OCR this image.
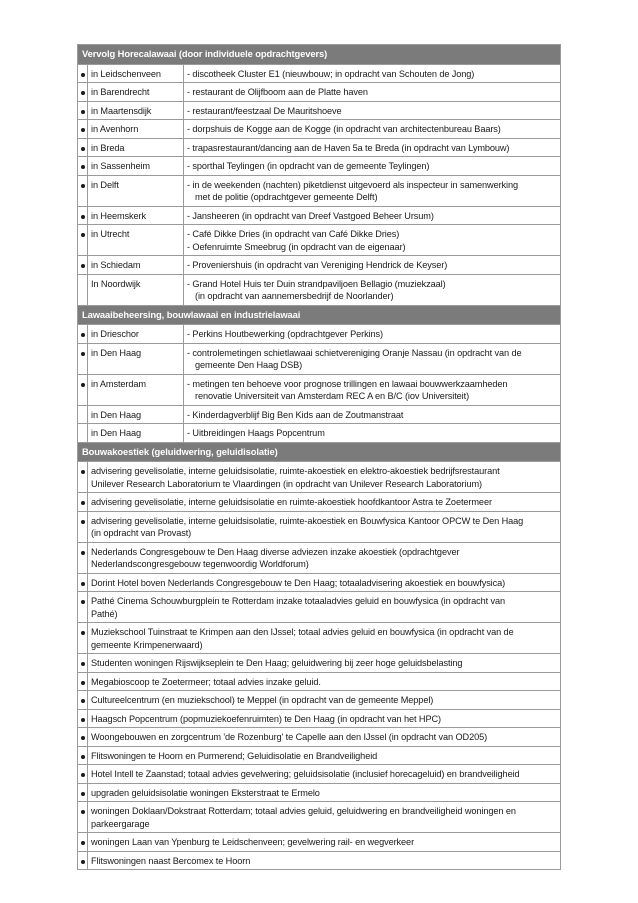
Vervolg Horecalawaai (door individuele opdrachtgevers)		
	in Leidschenveen	- discotheek Cluster E1 (nieuwbouw; in opdracht van Schouten de Jong)

	in Barendrecht	- restaurant de Olijfboom aan de Platte haven

	in Maartensdijk	- restaurant/feestzaal De Mauritshoeve

	in Avenhorn	- dorpshuis de Kogge aan de Kogge (in opdracht van architectenbureau Baars)

	in Breda	- trapasrestaurant/dancing aan de Haven 5a te Breda (in opdracht van Lymbouw)

	in Sassenheim	- sporthal Teylingen (in opdracht van de gemeente Teylingen)

	in Delft	- in de weekenden (nachten) piketdienst uitgevoerd als inspecteur in samenwerking
met de politie (opdrachtgever gemeente Delft)

	in Heemskerk	- Jansheeren (in opdracht van Dreef Vastgoed Beheer Ursum)

	in Utrecht	- Café Dikke Dries (in opdracht van Café Dikke Dries)
- Oefenruimte Smeebrug (in opdracht van de eigenaar)

	in Schiedam	- Proveniershuis (in opdracht van Vereniging Hendrick de Keyser)

	In Noordwijk	- Grand Hotel Huis ter Duin strandpaviljoen Bellagio (muziekzaal)
(in opdracht van aannemersbedrijf de Noorlander)

Lawaaibeheersing, bouwlawaai en industrielawaai		
	in Drieschor	- Perkins Houtbewerking (opdrachtgever Perkins)

	in Den Haag	- controlemetingen schietlawaai schietvereniging Oranje Nassau (in opdracht van de
gemeente Den Haag DSB)

	in Amsterdam	- metingen ten behoeve voor prognose trillingen en lawaai bouwwerkzaamheden
renovatie Universiteit van Amsterdam REC A en B/C (iov Universiteit)

	in Den Haag	- Kinderdagverblijf Big Ben Kids aan de Zoutmanstraat

	in Den Haag	- Uitbreidingen Haags Popcentrum

Bouwakoestiek (geluidwering, geluidisolatie)		

	advisering gevelisolatie, interne geluidsisolatie, ruimte-akoestiek en elektro-akoestiek bedrijfsrestaurant
Unilever Research Laboratorium te Vlaardingen (in opdracht van Unilever Research Laboratorium)	

	advisering gevelisolatie, interne geluidsisolatie en ruimte-akoestiek hoofdkantoor Astra te Zoetermeer	

	advisering gevelisolatie, interne geluidsisolatie, ruimte-akoestiek en Bouwfysica Kantoor OPCW te Den Haag
(in opdracht van Provast)	

	Nederlands Congresgebouw te Den Haag diverse adviezen inzake akoestiek (opdrachtgever
Nederlandscongresgebouw tegenwoordig Worldforum)	

	Dorint Hotel boven Nederlands Congresgebouw te Den Haag; totaaladvisering akoestiek en bouwfysica)	

	Pathé Cinema Schouwburgplein te Rotterdam inzake totaaladvies geluid en bouwfysica (in opdracht van
Pathé)	

	Muziekschool Tuinstraat te Krimpen aan den IJssel; totaal advies geluid en bouwfysica (in opdracht van de
gemeente Krimpenerwaard)	

	Studenten woningen Rijswijkseplein te Den Haag; geluidwering bij zeer hoge geluidsbelasting	

	Megabioscoop te Zoetermeer; totaal advies inzake geluid.	

	Cultureelcentrum (en muziekschool) te Meppel (in opdracht van de gemeente Meppel)	

	Haagsch Popcentrum (popmuziekoefenruimten) te Den Haag (in opdracht van het HPC)	

	Woongebouwen en zorgcentrum 'de Rozenburg' te Capelle aan den IJssel (in opdracht van OD205)	

	Flitswoningen te Hoorn en Purmerend; Geluidisolatie en Brandveiligheid	

	Hotel Intell te Zaanstad; totaal advies gevelwering; geluidsisolatie (inclusief horecageluid) en brandveiligheid	

	upgraden geluidsisolatie woningen Eksterstraat te Ermelo	

	woningen Doklaan/Dokstraat Rotterdam; totaal advies geluid, geluidwering en brandveiligheid woningen en
parkeergarage	

	woningen Laan van Ypenburg te Leidschenveen; gevelwering rail- en wegverkeer	

	Flitswoningen naast Bercomex te Hoorn	
